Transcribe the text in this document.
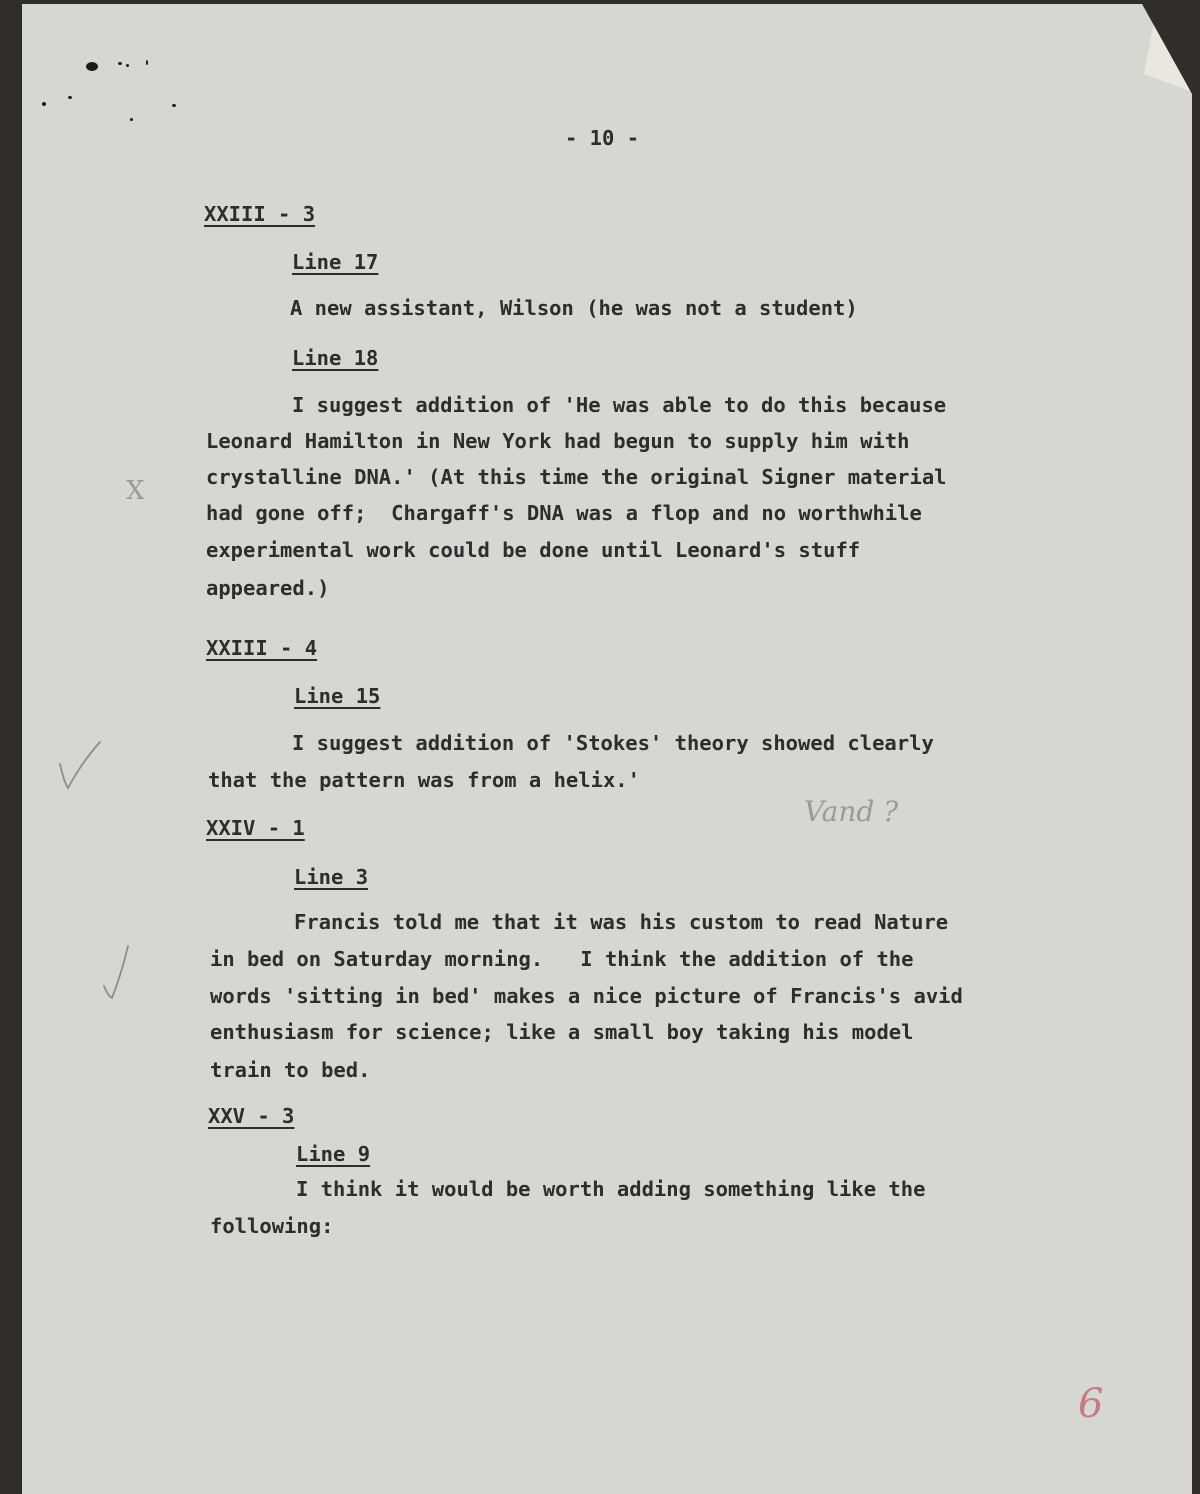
- 10 -

XXIII - 3

Line 17

A new assistant, Wilson (he was not a student)

Line 18

I suggest addition of 'He was able to do this because

Leonard Hamilton in New York had begun to supply him with

crystalline DNA.' (At this time the original Signer material

had gone off;  Chargaff's DNA was a flop and no worthwhile

experimental work could be done until Leonard's stuff

appeared.)

XXIII - 4

Line 15

I suggest addition of 'Stokes' theory showed clearly

that the pattern was from a helix.'

XXIV - 1

Line 3

Francis told me that it was his custom to read Nature

in bed on Saturday morning.   I think the addition of the

words 'sitting in bed' makes a nice picture of Francis's avid

enthusiasm for science; like a small boy taking his model

train to bed.

XXV - 3

Line 9

I think it would be worth adding something like the

following:

X

Vand ?

6
